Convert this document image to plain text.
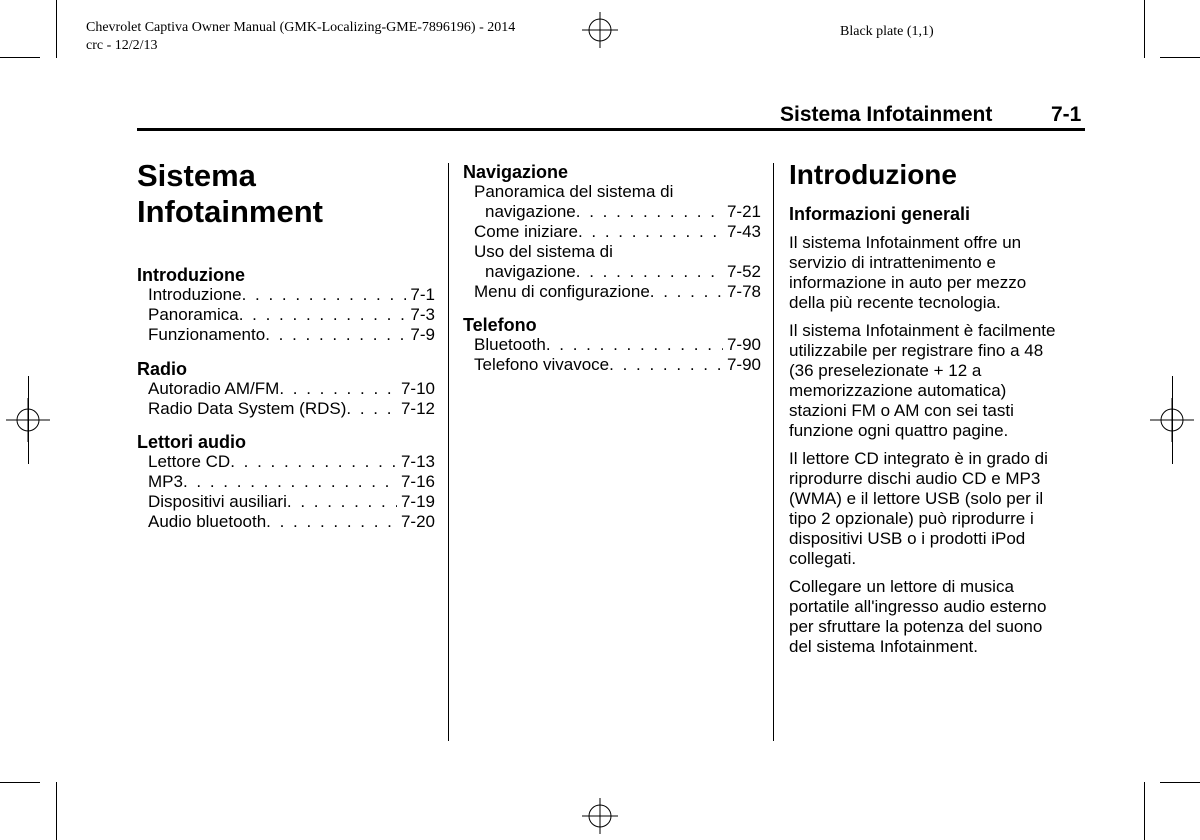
Chevrolet Captiva Owner Manual (GMK-Localizing-GME-7896196) - 2014
crc - 12/2/13
Black plate (1,1)
Sistema Infotainment	7-1
Sistema
Infotainment
Introduzione
Introduzione . . .	7-1
Panoramica . . .	7-3
Funzionamento . . .	7-9
Radio
Autoradio AM/FM . . .	7-10
Radio Data System (RDS) . . .	7-12
Lettori audio
Lettore CD . . .	7-13
MP3 . . .	7-16
Dispositivi ausiliari . . .	7-19
Audio bluetooth . . .	7-20
Navigazione
Panoramica del sistema di
navigazione . . .	7-21
Come iniziare . . .	7-43
Uso del sistema di
navigazione . . .	7-52
Menu di configurazione . . .	7-78
Telefono
Bluetooth . . .	7-90
Telefono vivavoce . . .	7-90
Introduzione
Informazioni generali

Il sistema Infotainment offre un
servizio di intrattenimento e
informazione in auto per mezzo
della più recente tecnologia.

Il sistema Infotainment è facilmente
utilizzabile per registrare fino a 48
(36 preselezionate + 12 a
memorizzazione automatica)
stazioni FM o AM con sei tasti
funzione ogni quattro pagine.

Il lettore CD integrato è in grado di
riprodurre dischi audio CD e MP3
(WMA) e il lettore USB (solo per il
tipo 2 opzionale) può riprodurre i
dispositivi USB o i prodotti iPod
collegati.

Collegare un lettore di musica
portatile all'ingresso audio esterno
per sfruttare la potenza del suono
del sistema Infotainment.
